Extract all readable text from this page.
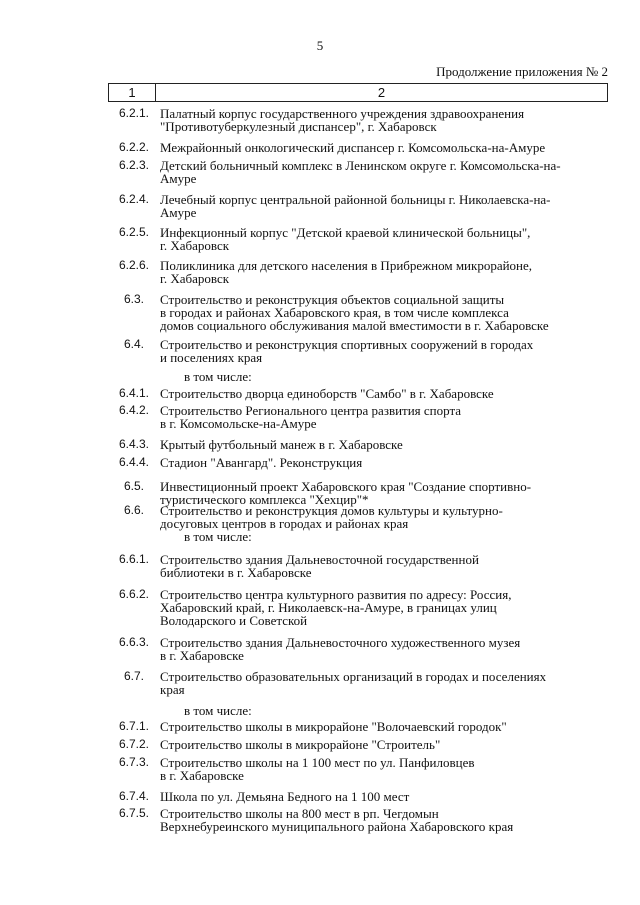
5
Продолжение приложения № 2
1	2
6.2.1. Палатный корпус государственного учреждения здравоохранения
"Противотуберкулезный диспансер", г. Хабаровск
6.2.2. Межрайонный онкологический диспансер г. Комсомольска-на-Амуре
6.2.3. Детский больничный комплекс в Ленинском округе г. Комсомольска-на-
Амуре
6.2.4. Лечебный корпус центральной районной больницы г. Николаевска-на-
Амуре
6.2.5. Инфекционный корпус "Детской краевой клинической больницы",
г. Хабаровск
6.2.6. Поликлиника для детского населения в Прибрежном микрорайоне,
г. Хабаровск
6.3.	Строительство и реконструкция объектов социальной защиты
в городах и районах Хабаровского края, в том числе комплекса
домов социального обслуживания малой вместимости в г. Хабаровске
6.4.	Строительство и реконструкция спортивных сооружений в городах
и поселениях края
в том числе:
6.4.1. Строительство дворца единоборств "Самбо" в г. Хабаровске
6.4.2. Строительство Регионального центра развития спорта
в г. Комсомольске-на-Амуре
6.4.3. Крытый футбольный манеж в г. Хабаровске
6.4.4. Стадион "Авангард". Реконструкция
6.5.	Инвестиционный проект Хабаровского края "Создание спортивно-
туристического комплекса "Хехцир"*
6.6.	Строительство и реконструкция домов культуры и культурно-
досуговых центров в городах и районах края
в том числе:
6.6.1. Строительство здания Дальневосточной государственной
библиотеки в г. Хабаровске
6.6.2. Строительство центра культурного развития по адресу: Россия,
Хабаровский край, г. Николаевск-на-Амуре, в границах улиц
Володарского и Советской
6.6.3. Строительство здания Дальневосточного художественного музея
в г. Хабаровске
6.7.	Строительство образовательных организаций в городах и поселениях
края
в том числе:
6.7.1. Строительство школы в микрорайоне "Волочаевский городок"
6.7.2. Строительство школы в микрорайоне "Строитель"
6.7.3. Строительство школы на 1 100 мест по ул. Панфиловцев
в г. Хабаровске
6.7.4. Школа по ул. Демьяна Бедного на 1 100 мест
6.7.5. Строительство школы на 800 мест в рп. Чегдомын
Верхнебуреинского муниципального района Хабаровского края
